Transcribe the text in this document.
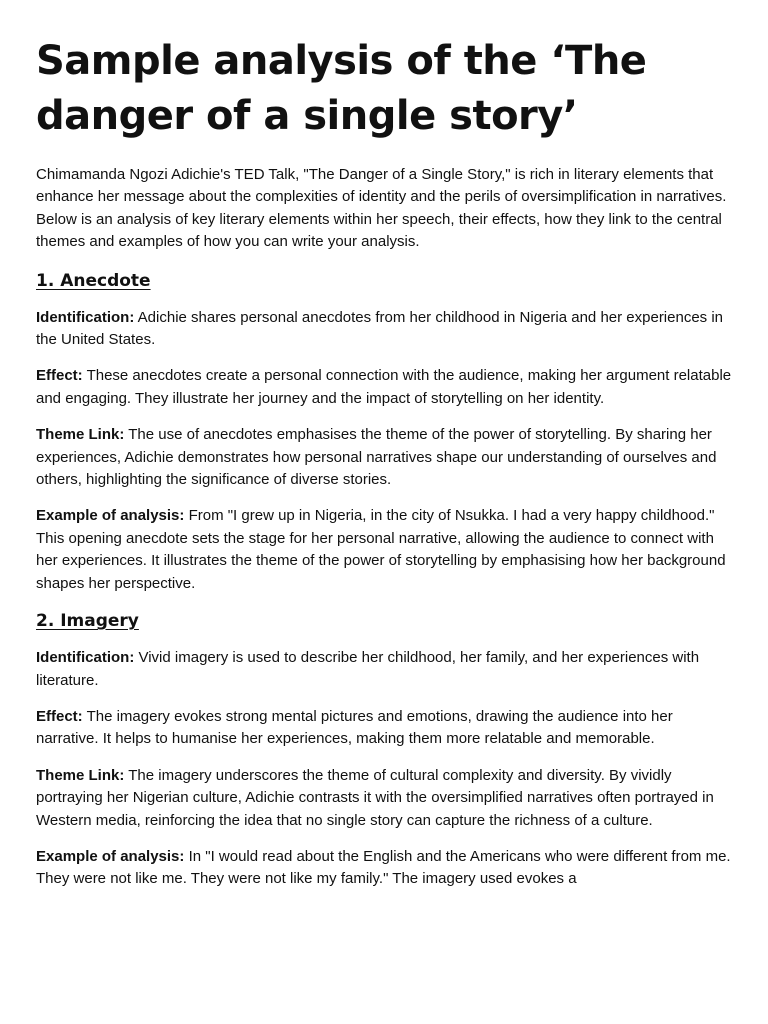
Sample analysis of the ‘The danger of a single story’

Chimamanda Ngozi Adichie's TED Talk, "The Danger of a Single Story," is rich in literary elements that enhance her message about the complexities of identity and the perils of oversimplification in narratives. Below is an analysis of key literary elements within her speech, their effects, how they link to the central themes and examples of how you can write your analysis.

1. Anecdote

Identification: Adichie shares personal anecdotes from her childhood in Nigeria and her experiences in the United States.

Effect: These anecdotes create a personal connection with the audience, making her argument relatable and engaging. They illustrate her journey and the impact of storytelling on her identity.

Theme Link: The use of anecdotes emphasises the theme of the power of storytelling. By sharing her experiences, Adichie demonstrates how personal narratives shape our understanding of ourselves and others, highlighting the significance of diverse stories.

Example of analysis: From "I grew up in Nigeria, in the city of Nsukka. I had a very happy childhood." This opening anecdote sets the stage for her personal narrative, allowing the audience to connect with her experiences. It illustrates the theme of the power of storytelling by emphasising how her background shapes her perspective.

2. Imagery

Identification: Vivid imagery is used to describe her childhood, her family, and her experiences with literature.

Effect: The imagery evokes strong mental pictures and emotions, drawing the audience into her narrative. It helps to humanise her experiences, making them more relatable and memorable.

Theme Link: The imagery underscores the theme of cultural complexity and diversity. By vividly portraying her Nigerian culture, Adichie contrasts it with the oversimplified narratives often portrayed in Western media, reinforcing the idea that no single story can capture the richness of a culture.

Example of analysis: In "I would read about the English and the Americans who were different from me. They were not like me. They were not like my family." The imagery used evokes a
